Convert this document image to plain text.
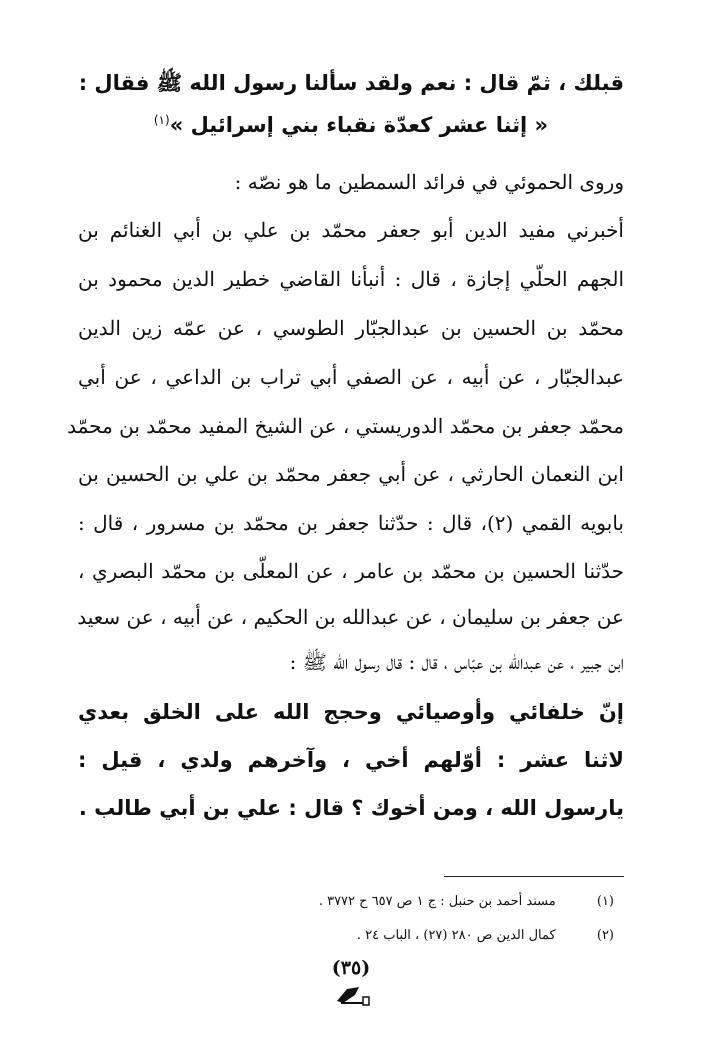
قبلك ، ثمّ قال : نعم ولقد سألنا رسول الله ﷺ فقال :
« إثنا عشر كعدّة نقباء بني إسرائيل »$^{(١)}$
وروى الحموئي في فرائد السمطين ما هو نصّه :
أخبرني مفيد الدين أبو جعفر محمّد بن علي بن أبي الغنائم بن
الجهم الحلّي إجازة ، قال : أنبأنا القاضي خطير الدين محمود بن
محمّد بن الحسين بن عبدالجبّار الطوسي ، عن عمّه زين الدين
عبدالجبّار ، عن أبيه ، عن الصفي أبي تراب بن الداعي ، عن أبي
محمّد جعفر بن محمّد الدوريستي ، عن الشيخ المفيد محمّد بن محمّد
ابن النعمان الحارثي ، عن أبي جعفر محمّد بن علي بن الحسين بن
بابويه القمي (٢)، قال : حدّثنا جعفر بن محمّد بن مسرور ، قال :
حدّثنا الحسين بن محمّد بن عامر ، عن المعلّى بن محمّد البصري ،
عن جعفر بن سليمان ، عن عبدالله بن الحكيم ، عن أبيه ، عن سعيد
ابن جبير ، عن عبدالله بن عبّاس ، قال : قال رسول الله ﷺ :
إنّ خلفائي وأوصيائي وحجج الله على الخلق بعدي
لاثنا عشر : أوّلهم أخي ، وآخرهم ولدي ، قيل :
يارسول الله ، ومن أخوك ؟ قال : علي بن أبي طالب .
(١)  مسند أحمد بن حنبل : ج ١ ص ٦٥٧ ح ٣٧٧٢ .
(٢)  كمال الدين ص ٢٨٠ (٢٧) ، الباب ٢٤ .
(٣٥)
